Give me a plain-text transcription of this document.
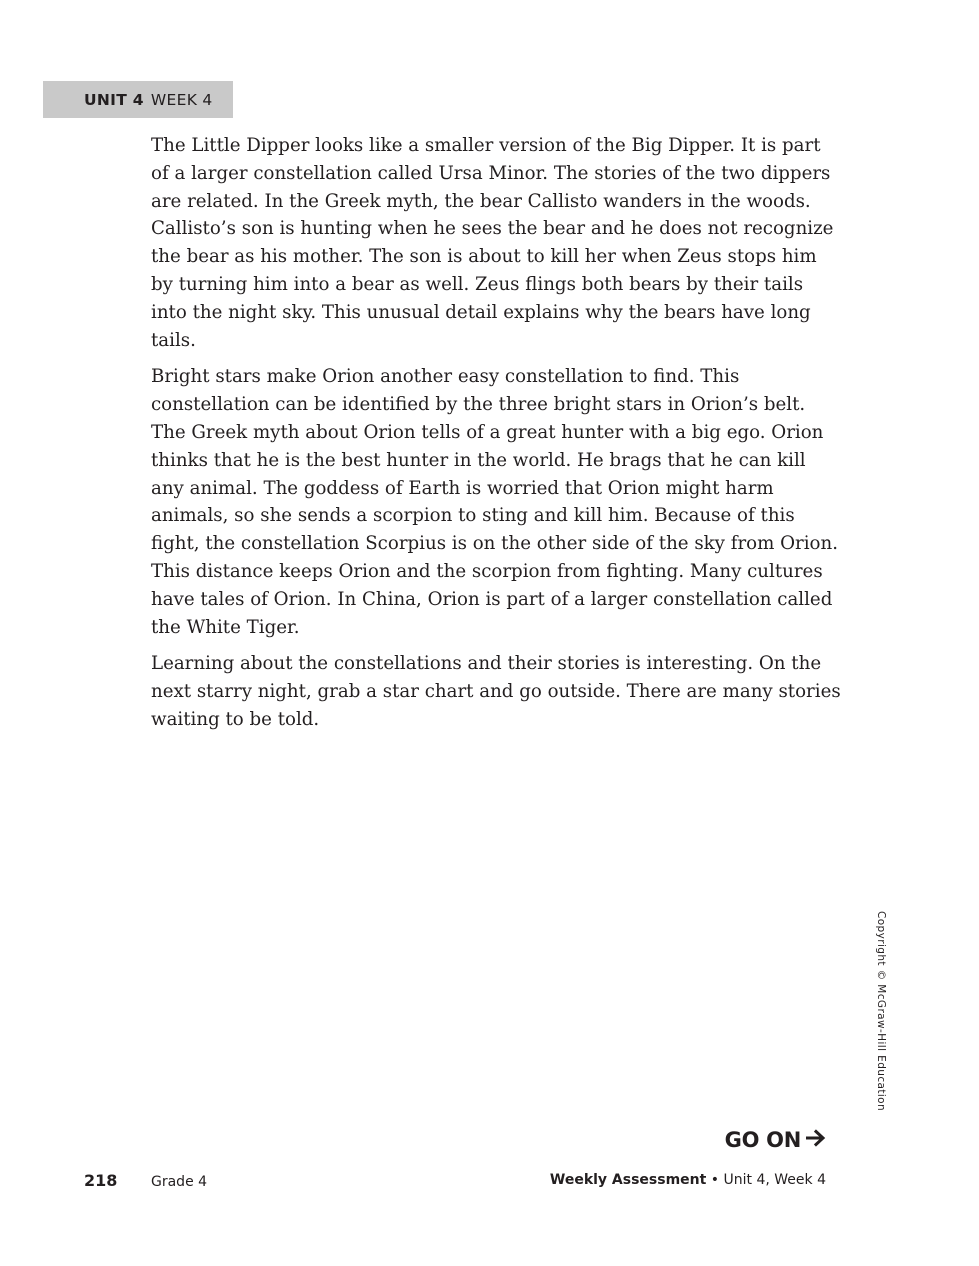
UNIT 4 WEEK 4

The Little Dipper looks like a smaller version of the Big Dipper. It is part of a larger constellation called Ursa Minor. The stories of the two dippers are related. In the Greek myth, the bear Callisto wanders in the woods. Callisto’s son is hunting when he sees the bear and he does not recognize the bear as his mother. The son is about to kill her when Zeus stops him by turning him into a bear as well. Zeus flings both bears by their tails into the night sky. This unusual detail explains why the bears have long tails.

Bright stars make Orion another easy constellation to find. This constellation can be identified by the three bright stars in Orion’s belt. The Greek myth about Orion tells of a great hunter with a big ego. Orion thinks that he is the best hunter in the world. He brags that he can kill any animal. The goddess of Earth is worried that Orion might harm animals, so she sends a scorpion to sting and kill him. Because of this fight, the constellation Scorpius is on the other side of the sky from Orion. This distance keeps Orion and the scorpion from fighting. Many cultures have tales of Orion. In China, Orion is part of a larger constellation called the White Tiger.

Learning about the constellations and their stories is interesting. On the next starry night, grab a star chart and go outside. There are many stories waiting to be told.

Copyright © McGraw-Hill Education
GO ON
218	Grade 4	Weekly Assessment • Unit 4, Week 4
